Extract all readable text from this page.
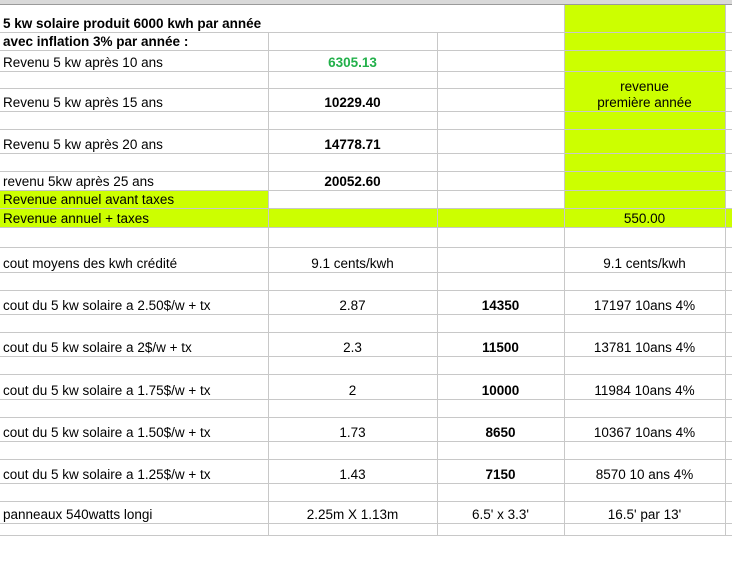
5 kw solaire produit 6000 kwh par année				
avec inflation 3% par année :				
Revenu 5 kw après 10 ans	6305.13			
			revenue
première année	
Revenu 5 kw après 15 ans	10229.40			

Revenu 5 kw après 20 ans	14778.71			

revenu 5kw après 25 ans	20052.60			
Revenue annuel avant taxes				
Revenue annuel + taxes			550.00	

cout moyens des kwh crédité	9.1 cents/kwh		9.1 cents/kwh	

cout du 5 kw solaire a 2.50$/w + tx	2.87	14350	17197 10ans 4%	

cout du 5 kw solaire a 2$/w + tx	2.3	11500	13781 10ans 4%	

cout du 5 kw solaire a 1.75$/w + tx	2	10000	11984 10ans 4%	

cout du 5 kw solaire a 1.50$/w + tx	1.73	8650	10367 10ans 4%	

cout du 5 kw solaire a 1.25$/w + tx	1.43	7150	8570 10 ans 4%	

panneaux 540watts longi	2.25m X 1.13m	6.5' x 3.3'	16.5' par 13'	
